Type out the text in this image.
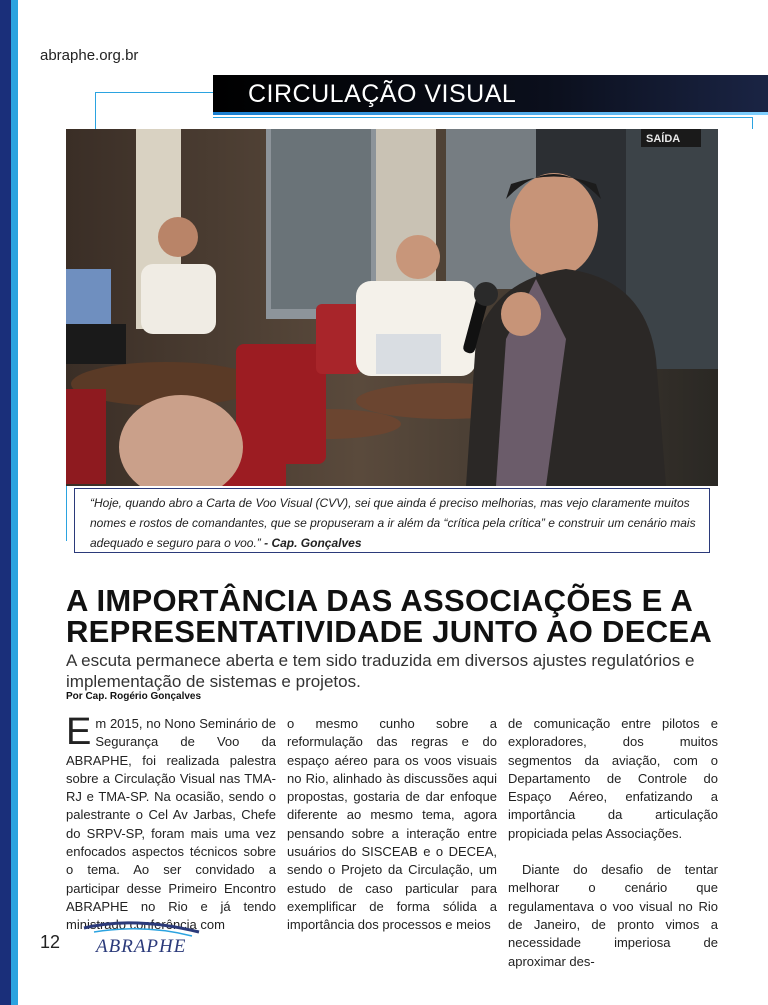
abraphe.org.br
CIRCULAÇÃO VISUAL
SAÍDA
“Hoje, quando abro a Carta de Voo Visual (CVV), sei que ainda é preciso melhorias, mas vejo claramente muitos nomes e rostos de comandantes, que se propuseram a ir além da “crítica pela crítica” e construir um cenário mais adequado e seguro para o voo.” - Cap. Gonçalves
A IMPORTÂNCIA DAS ASSOCIAÇÕES E A REPRESENTATIVIDADE JUNTO AO DECEA
A escuta permanece aberta e tem sido traduzida em diversos ajustes regulatórios e implementação de sistemas e projetos.
Por Cap. Rogério Gonçalves
Em 2015, no Nono Seminário de Segurança de Voo da ABRAPHE, foi realizada palestra sobre a Circulação Visual nas TMA-RJ e TMA-SP. Na ocasião, sendo o palestrante o Cel Av Jarbas, Chefe do SRPV-SP, foram mais uma vez enfocados aspectos técnicos sobre o tema. Ao ser convidado a participar desse Primeiro Encontro ABRAPHE no Rio e já tendo ministrado conferência com
o mesmo cunho sobre a reformulação das regras e do espaço aéreo para os voos visuais no Rio, alinhado às discussões aqui propostas, gostaria de dar enfoque diferente ao mesmo tema, agora pensando sobre a interação entre usuários do SISCEAB e o DECEA, sendo o Projeto da Circulação, um estudo de caso particular para exemplificar de forma sólida a importância dos processos e meios
de comunicação entre pilotos e exploradores, dos muitos segmentos da aviação, com o Departamento de Controle do Espaço Aéreo, enfatizando a importância da articulação propiciada pelas Associações.
Diante do desafio de tentar melhorar o cenário que regulamentava o voo visual no Rio de Janeiro, de pronto vimos a necessidade imperiosa de aproximar des-
12 ABRAPHE
